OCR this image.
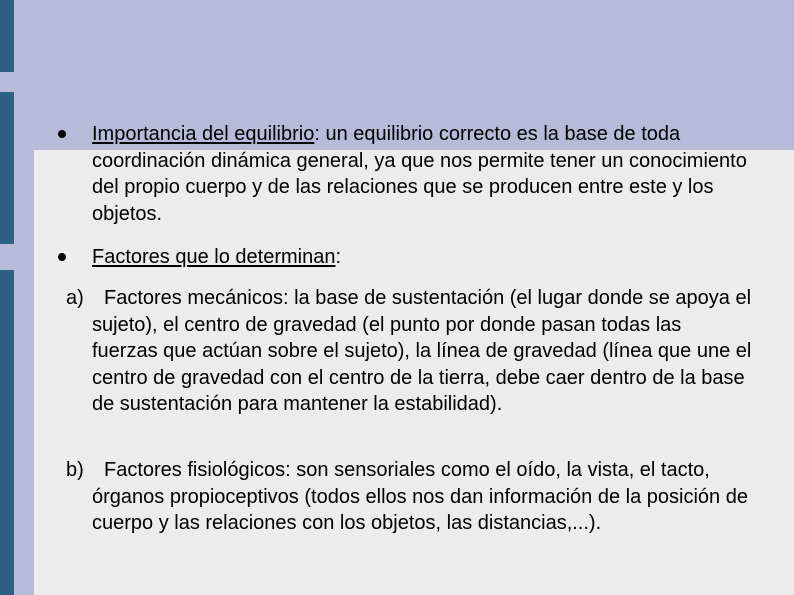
Importancia del equilibrio: un equilibrio correcto es la base de toda coordinación dinámica general, ya que nos permite tener un conocimiento del propio cuerpo y de las relaciones que se producen entre este y los objetos.

Factores que lo determinan:

a)	Factores mecánicos: la base de sustentación (el lugar donde se apoya el sujeto), el centro de gravedad (el punto por donde pasan todas las fuerzas que actúan sobre el sujeto), la línea de gravedad (línea que une el centro de gravedad con el centro de la tierra, debe caer dentro de la base de sustentación para mantener la estabilidad).

b)	Factores fisiológicos: son sensoriales como el oído, la vista, el tacto, órganos propioceptivos (todos ellos nos dan información de la posición de cuerpo y las relaciones con los objetos, las distancias,...).
